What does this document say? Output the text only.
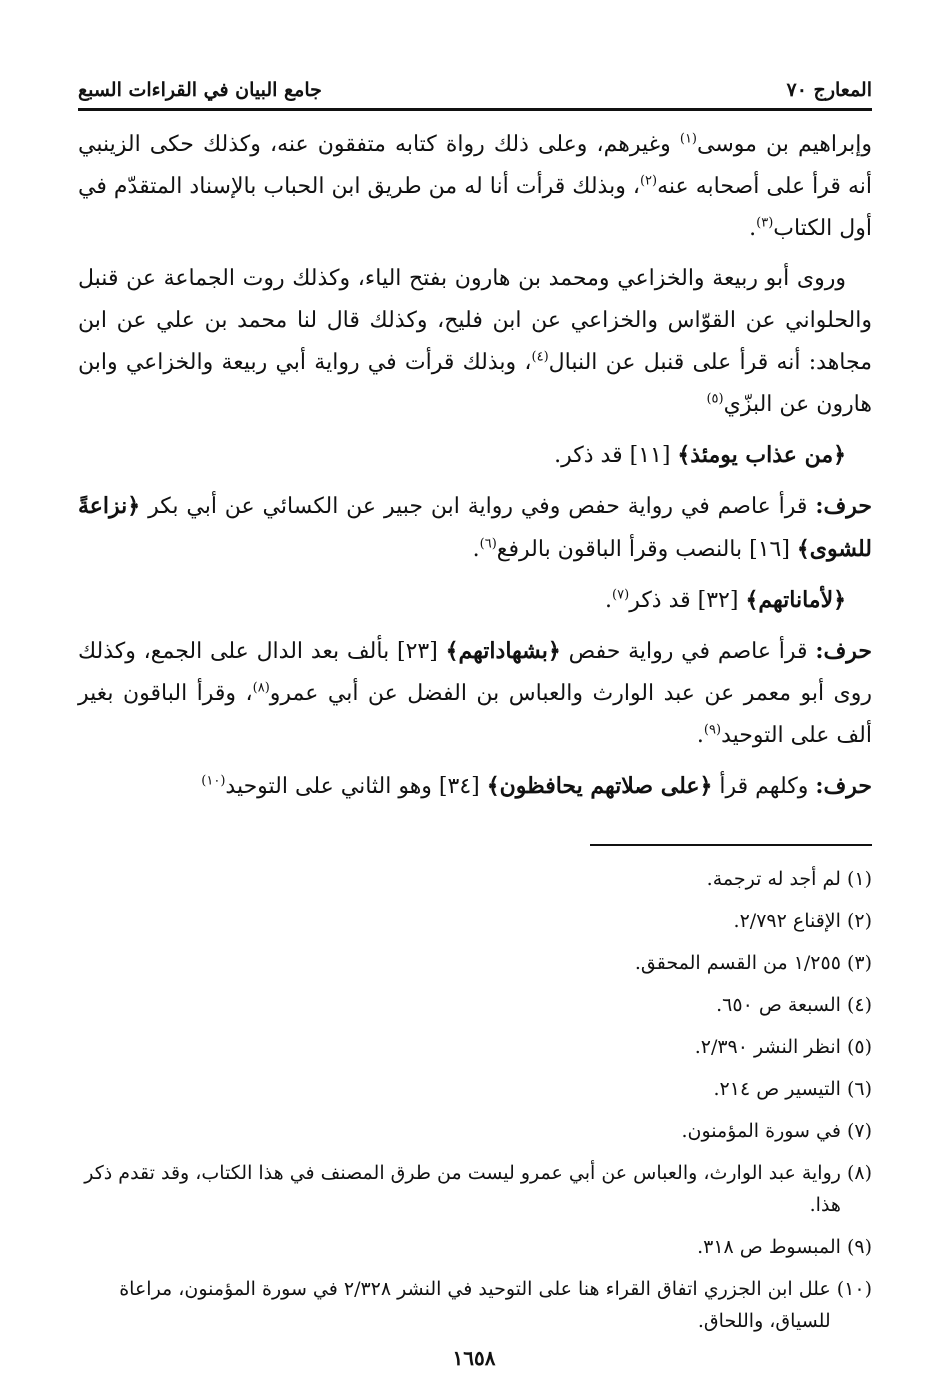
المعارج ٧٠
جامع البيان في القراءات السبع

وإبراهيم بن موسى$^{(١)}$ وغيرهم، وعلى ذلك رواة كتابه متفقون عنه، وكذلك حكى الزينبي أنه قرأ على أصحابه عنه$^{(٢)}$، وبذلك قرأت أنا له من طريق ابن الحباب بالإسناد المتقدّم في أول الكتاب$^{(٣)}$.

وروى أبو ربيعة والخزاعي ومحمد بن هارون بفتح الياء، وكذلك روت الجماعة عن قنبل والحلواني عن القوّاس والخزاعي عن ابن فليح، وكذلك قال لنا محمد بن علي عن ابن مجاهد: أنه قرأ على قنبل عن النبال$^{(٤)}$، وبذلك قرأت في رواية أبي ربيعة والخزاعي وابن هارون عن البزّي$^{(٥)}$

﴿من عذاب يومئذ﴾ [١١] قد ذكر.

حرف: قرأ عاصم في رواية حفص وفي رواية ابن جبير عن الكسائي عن أبي بكر ﴿نزاعةً للشوى﴾ [١٦] بالنصب وقرأ الباقون بالرفع$^{(٦)}$.

﴿لأماناتهم﴾ [٣٢] قد ذكر$^{(٧)}$.

حرف: قرأ عاصم في رواية حفص ﴿بشهاداتهم﴾ [٢٣] بألف بعد الدال على الجمع، وكذلك روى أبو معمر عن عبد الوارث والعباس بن الفضل عن أبي عمرو$^{(٨)}$، وقرأ الباقون بغير ألف على التوحيد$^{(٩)}$.

حرف: وكلهم قرأ ﴿على صلاتهم يحافظون﴾ [٣٤] وهو الثاني على التوحيد$^{(١٠)}$

(١)
لم أجد له ترجمة.
(٢)
الإقناع ٢/٧٩٢.
(٣)
١/٢٥٥ من القسم المحقق.
(٤)
السبعة ص ٦٥٠.
(٥)
انظر النشر ٢/٣٩٠.
(٦)
التيسير ص ٢١٤.
(٧)
في سورة المؤمنون.
(٨)
رواية عبد الوارث، والعباس عن أبي عمرو ليست من طرق المصنف في هذا الكتاب، وقد تقدم ذكر هذا.
(٩)
المبسوط ص ٣١٨.
(١٠)
علل ابن الجزري اتفاق القراء هنا على التوحيد في النشر ٢/٣٢٨ في سورة المؤمنون، مراعاة للسياق، واللحاق.
١٦٥٨
